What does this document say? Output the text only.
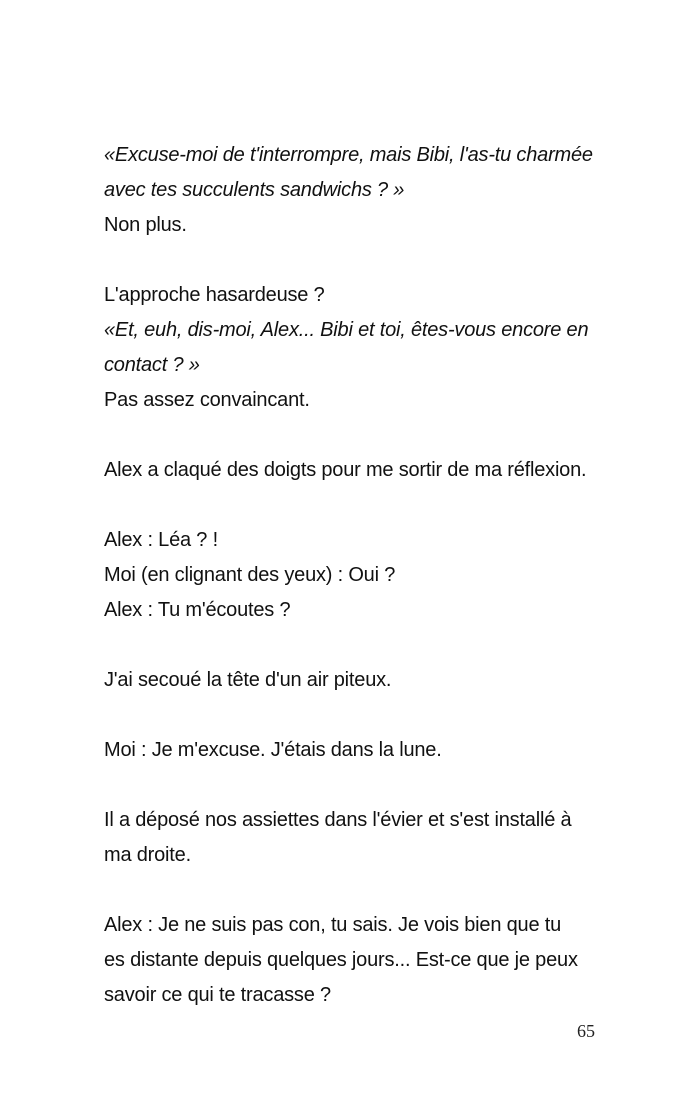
«Excuse-moi de t'interrompre, mais Bibi, l'as-tu charmée
avec tes succulents sandwichs ? »
Non plus.
L'approche hasardeuse ?
«Et, euh, dis-moi, Alex... Bibi et toi, êtes-vous encore en
contact ? »
Pas assez convaincant.
Alex a claqué des doigts pour me sortir de ma réflexion.
Alex : Léa ? !
Moi (en clignant des yeux) : Oui ?
Alex : Tu m'écoutes ?
J'ai secoué la tête d'un air piteux.
Moi : Je m'excuse. J'étais dans la lune.
Il a déposé nos assiettes dans l'évier et s'est installé à
ma droite.
Alex : Je ne suis pas con, tu sais. Je vois bien que tu
es distante depuis quelques jours... Est-ce que je peux
savoir ce qui te tracasse ?
65
